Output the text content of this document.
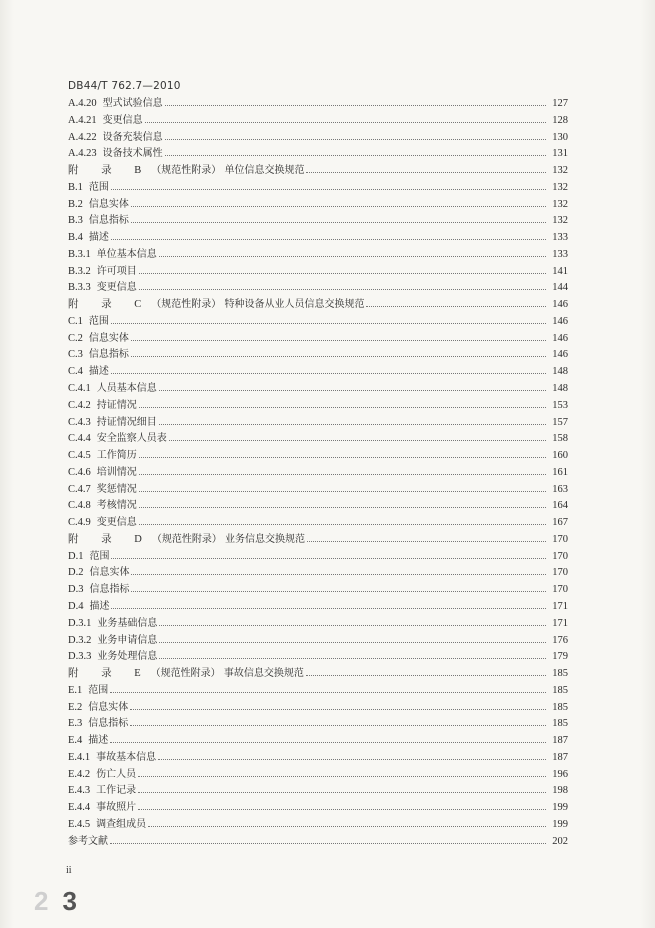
DB44/T 762.7—2010
A.4.20 型式试验信息	127
A.4.21 变更信息	128
A.4.22 设备充装信息	130
A.4.23 设备技术属性	131
附 录 B （规范性附录） 单位信息交换规范	132
B.1 范围	132
B.2 信息实体	132
B.3 信息指标	132
B.4 描述	133
B.3.1 单位基本信息	133
B.3.2 许可项目	141
B.3.3 变更信息	144
附 录 C （规范性附录） 特种设备从业人员信息交换规范	146
C.1 范围	146
C.2 信息实体	146
C.3 信息指标	146
C.4 描述	148
C.4.1 人员基本信息	148
C.4.2 持证情况	153
C.4.3 持证情况细目	157
C.4.4 安全监察人员表	158
C.4.5 工作简历	160
C.4.6 培训情况	161
C.4.7 奖惩情况	163
C.4.8 考核情况	164
C.4.9 变更信息	167
附 录 D （规范性附录） 业务信息交换规范	170
D.1 范围	170
D.2 信息实体	170
D.3 信息指标	170
D.4 描述	171
D.3.1 业务基础信息	171
D.3.2 业务申请信息	176
D.3.3 业务处理信息	179
附 录 E （规范性附录） 事故信息交换规范	185
E.1 范围	185
E.2 信息实体	185
E.3 信息指标	185
E.4 描述	187
E.4.1 事故基本信息	187
E.4.2 伤亡人员	196
E.4.3 工作记录	198
E.4.4 事故照片	199
E.4.5 调查组成员	199
参考文献	202
ii
2 3
